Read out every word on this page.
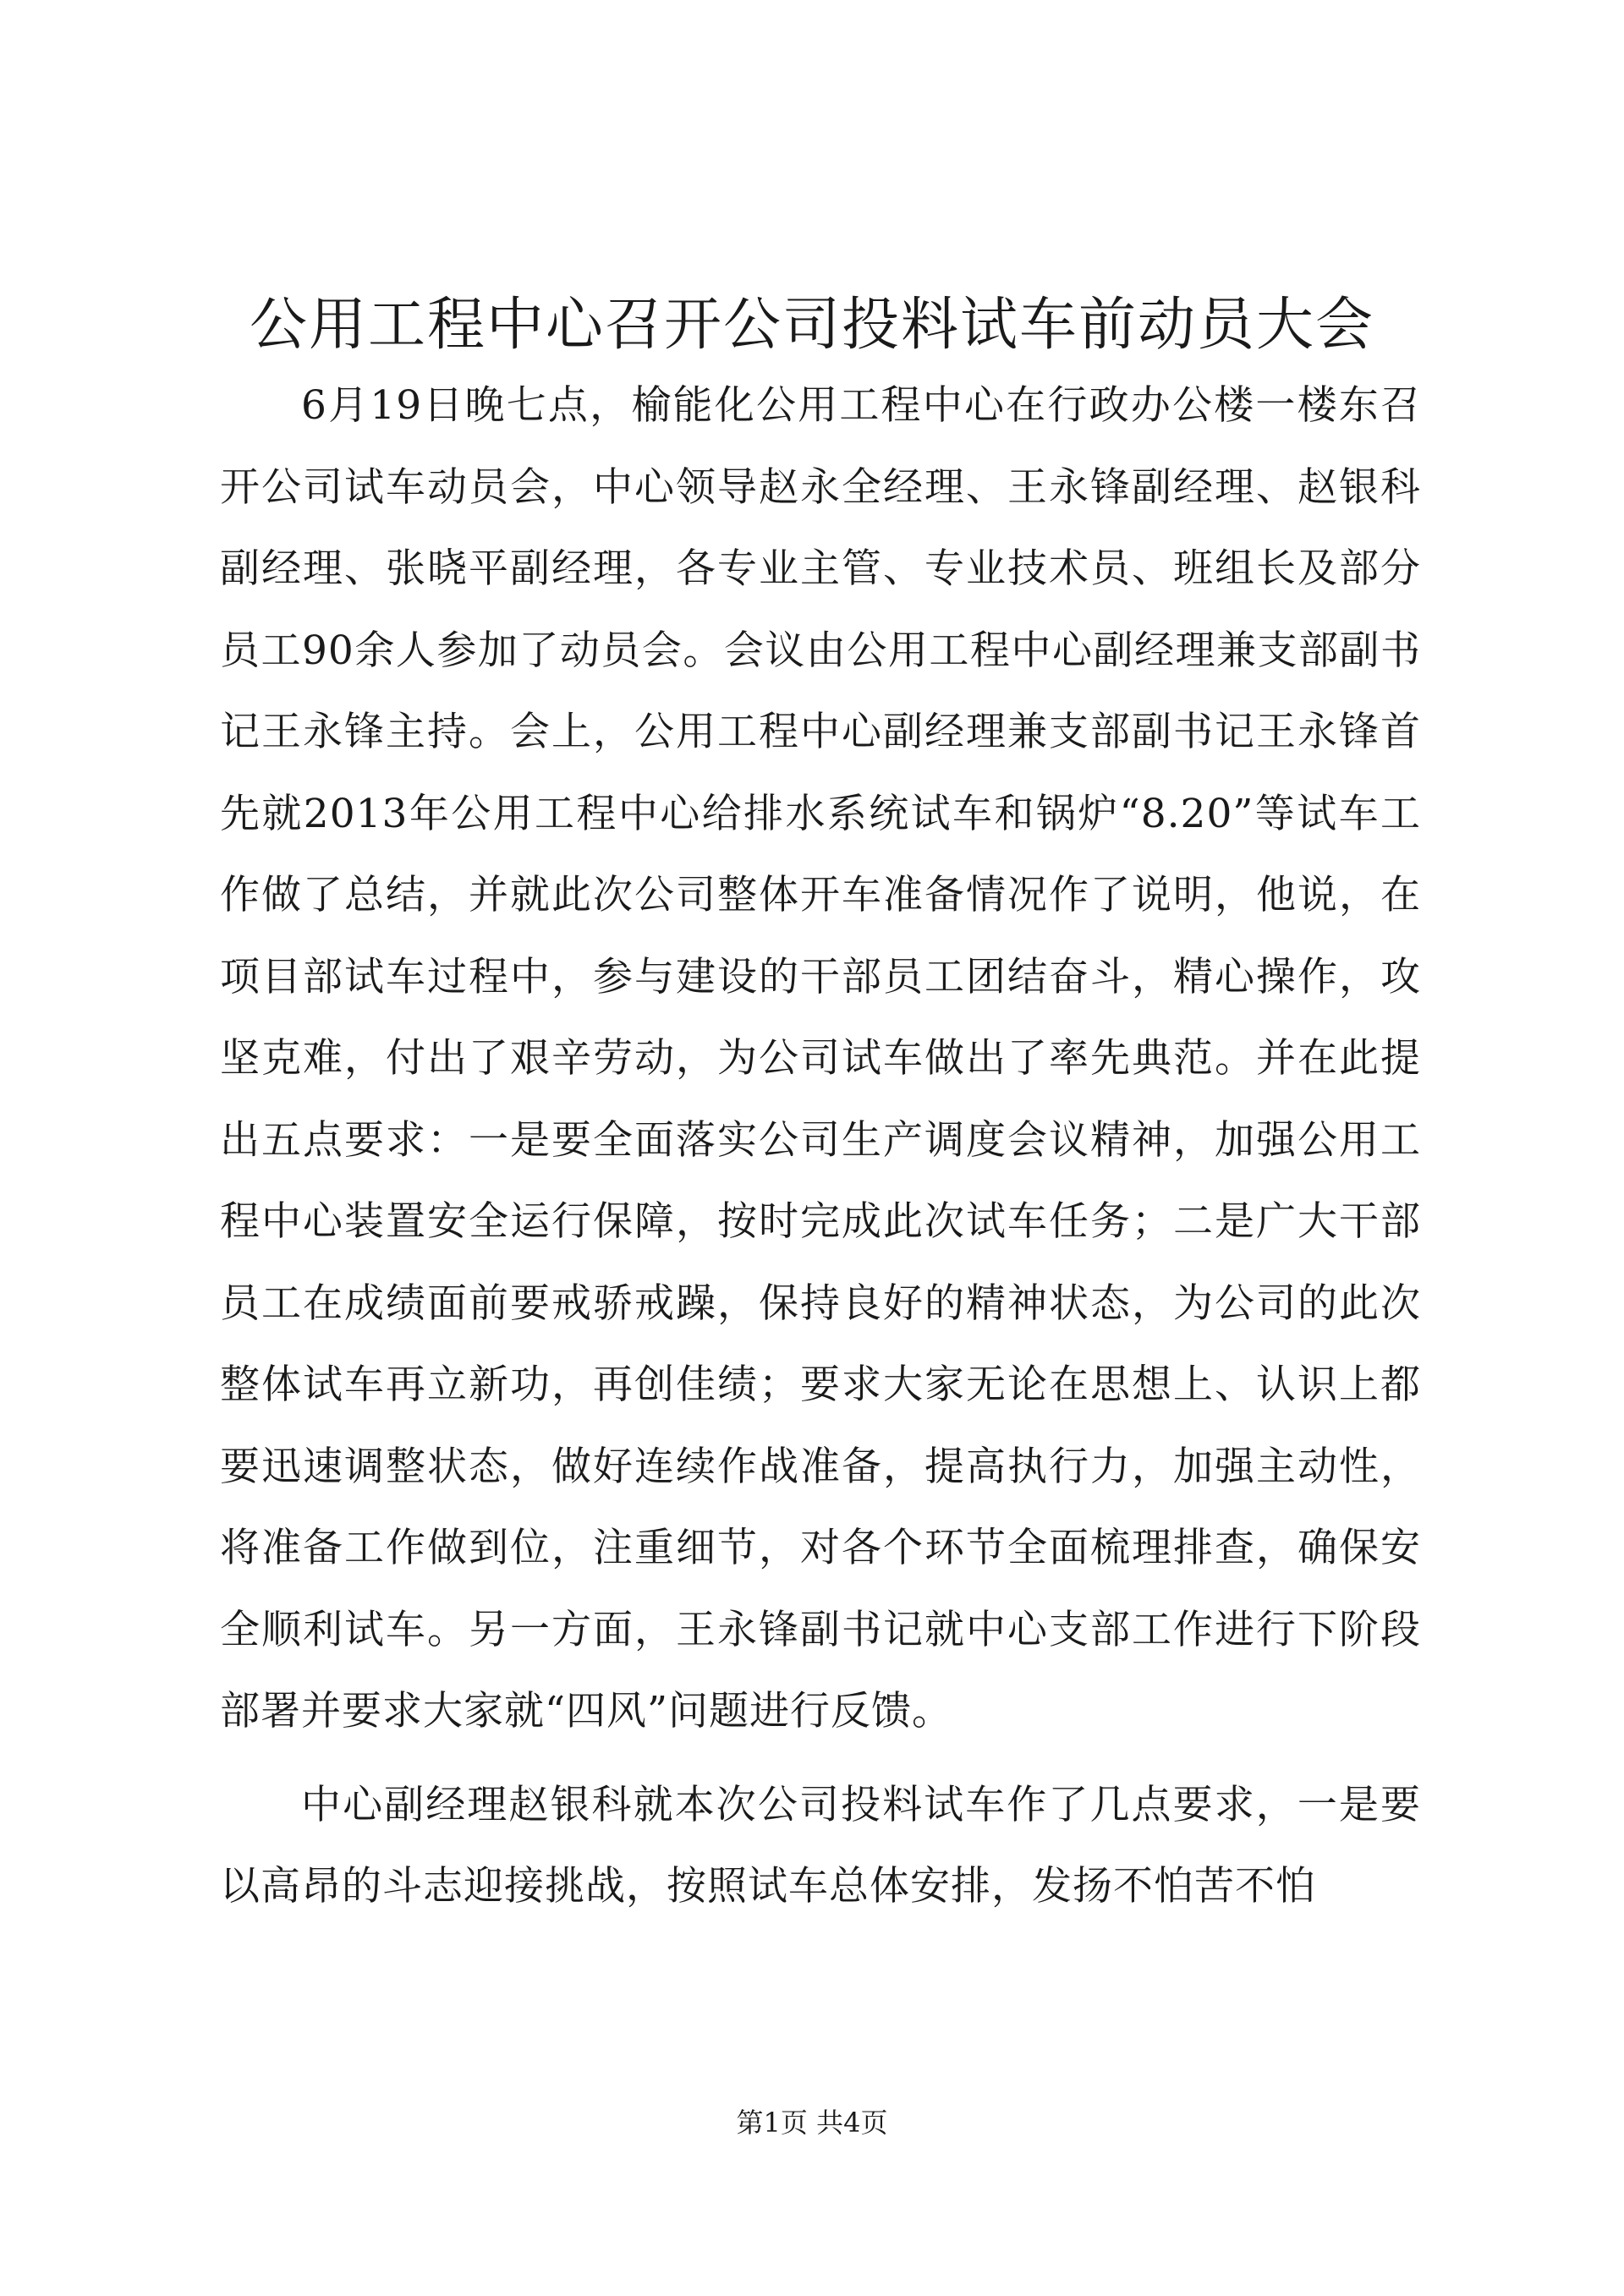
公用工程中心召开公司投料试车前动员大会

6月19日晚七点，榆能化公用工程中心在行政办公楼一楼东召开公司试车动员会，中心领导赵永全经理、王永锋副经理、赵银科副经理、张晓平副经理，各专业主管、专业技术员、班组长及部分员工90余人参加了动员会。会议由公用工程中心副经理兼支部副书记王永锋主持。会上，公用工程中心副经理兼支部副书记王永锋首先就2013年公用工程中心给排水系统试车和锅炉“8.20”等试车工作做了总结，并就此次公司整体开车准备情况作了说明，他说，在项目部试车过程中，参与建设的干部员工团结奋斗，精心操作，攻坚克难，付出了艰辛劳动，为公司试车做出了率先典范。并在此提出五点要求：一是要全面落实公司生产调度会议精神，加强公用工程中心装置安全运行保障，按时完成此次试车任务；二是广大干部员工在成绩面前要戒骄戒躁，保持良好的精神状态，为公司的此次整体试车再立新功，再创佳绩；要求大家无论在思想上、认识上都要迅速调整状态，做好连续作战准备，提高执行力，加强主动性，将准备工作做到位，注重细节，对各个环节全面梳理排查，确保安全顺利试车。另一方面，王永锋副书记就中心支部工作进行下阶段部署并要求大家就“四风”问题进行反馈。

中心副经理赵银科就本次公司投料试车作了几点要求，一是要以高昂的斗志迎接挑战，按照试车总体安排，发扬不怕苦不怕

第1页 共4页
